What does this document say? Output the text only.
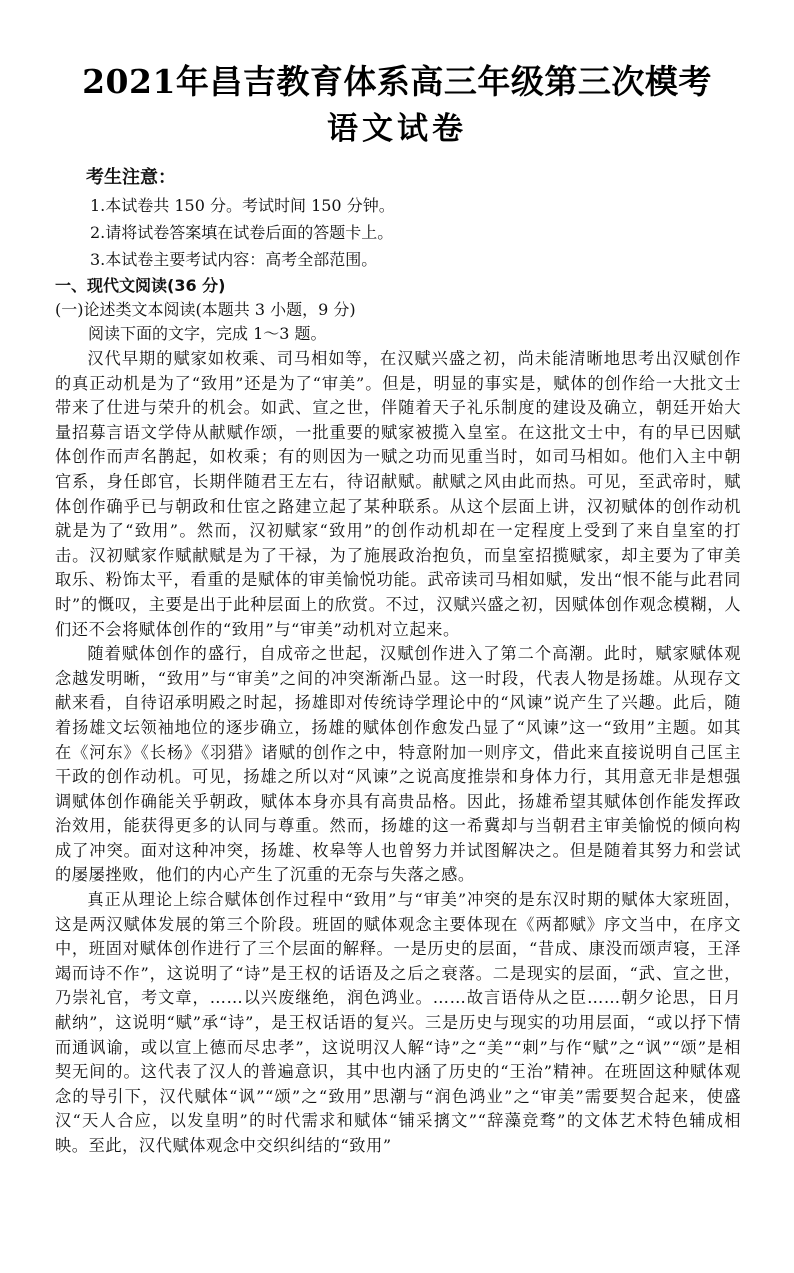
2021年昌吉教育体系高三年级第三次模考
语文试卷
考生注意：
1.本试卷共 150 分。考试时间 150 分钟。
2.请将试卷答案填在试卷后面的答题卡上。
3.本试卷主要考试内容：高考全部范围。
一、现代文阅读(36 分)
(一)论述类文本阅读(本题共 3 小题，9 分)
阅读下面的文字，完成 1～3 题。

汉代早期的赋家如枚乘、司马相如等，在汉赋兴盛之初，尚未能清晰地思考出汉赋创作的真正动机是为了“致用”还是为了“审美”。但是，明显的事实是，赋体的创作给一大批文士带来了仕进与荣升的机会。如武、宣之世，伴随着天子礼乐制度的建设及确立，朝廷开始大量招募言语文学侍从献赋作颂，一批重要的赋家被揽入皇室。在这批文士中，有的早已因赋体创作而声名鹊起，如枚乘；有的则因为一赋之功而见重当时，如司马相如。他们入主中朝官系，身任郎官，长期伴随君王左右，待诏献赋。献赋之风由此而热。可见，至武帝时，赋体创作确乎已与朝政和仕宦之路建立起了某种联系。从这个层面上讲，汉初赋体的创作动机就是为了“致用”。然而，汉初赋家“致用”的创作动机却在一定程度上受到了来自皇室的打击。汉初赋家作赋献赋是为了干禄，为了施展政治抱负，而皇室招揽赋家，却主要为了审美取乐、粉饰太平，看重的是赋体的审美愉悦功能。武帝读司马相如赋，发出“恨不能与此君同时”的慨叹，主要是出于此种层面上的欣赏。不过，汉赋兴盛之初，因赋体创作观念模糊，人们还不会将赋体创作的“致用”与“审美”动机对立起来。

随着赋体创作的盛行，自成帝之世起，汉赋创作进入了第二个高潮。此时，赋家赋体观念越发明晰，“致用”与“审美”之间的冲突渐渐凸显。这一时段，代表人物是扬雄。从现存文献来看，自待诏承明殿之时起，扬雄即对传统诗学理论中的“风谏”说产生了兴趣。此后，随着扬雄文坛领袖地位的逐步确立，扬雄的赋体创作愈发凸显了“风谏”这一“致用”主题。如其在《河东》《长杨》《羽猎》诸赋的创作之中，特意附加一则序文，借此来直接说明自己匡主干政的创作动机。可见，扬雄之所以对“风谏”之说高度推崇和身体力行，其用意无非是想强调赋体创作确能关乎朝政，赋体本身亦具有高贵品格。因此，扬雄希望其赋体创作能发挥政治效用，能获得更多的认同与尊重。然而，扬雄的这一希冀却与当朝君主审美愉悦的倾向构成了冲突。面对这种冲突，扬雄、枚皋等人也曾努力并试图解决之。但是随着其努力和尝试的屡屡挫败，他们的内心产生了沉重的无奈与失落之感。

真正从理论上综合赋体创作过程中“致用”与“审美”冲突的是东汉时期的赋体大家班固，这是两汉赋体发展的第三个阶段。班固的赋体观念主要体现在《两都赋》序文当中，在序文中，班固对赋体创作进行了三个层面的解释。一是历史的层面，“昔成、康没而颂声寝，王泽竭而诗不作”，这说明了“诗”是王权的话语及之后之衰落。二是现实的层面，“武、宣之世，乃崇礼官，考文章，……以兴废继绝，润色鸿业。……故言语侍从之臣……朝夕论思，日月献纳”，这说明“赋”承“诗”，是王权话语的复兴。三是历史与现实的功用层面，“或以抒下情而通讽谕，或以宣上德而尽忠孝”，这说明汉人解“诗”之“美”“刺”与作“赋”之“讽”“颂”是相契无间的。这代表了汉人的普遍意识，其中也内涵了历史的“王治”精神。在班固这种赋体观念的导引下，汉代赋体“讽”“颂”之“致用”思潮与“润色鸿业”之“审美”需要契合起来，使盛汉“天人合应，以发皇明”的时代需求和赋体“铺采摛文”“辞藻竞骛”的文体艺术特色辅成相映。至此，汉代赋体观念中交织纠结的“致用”
